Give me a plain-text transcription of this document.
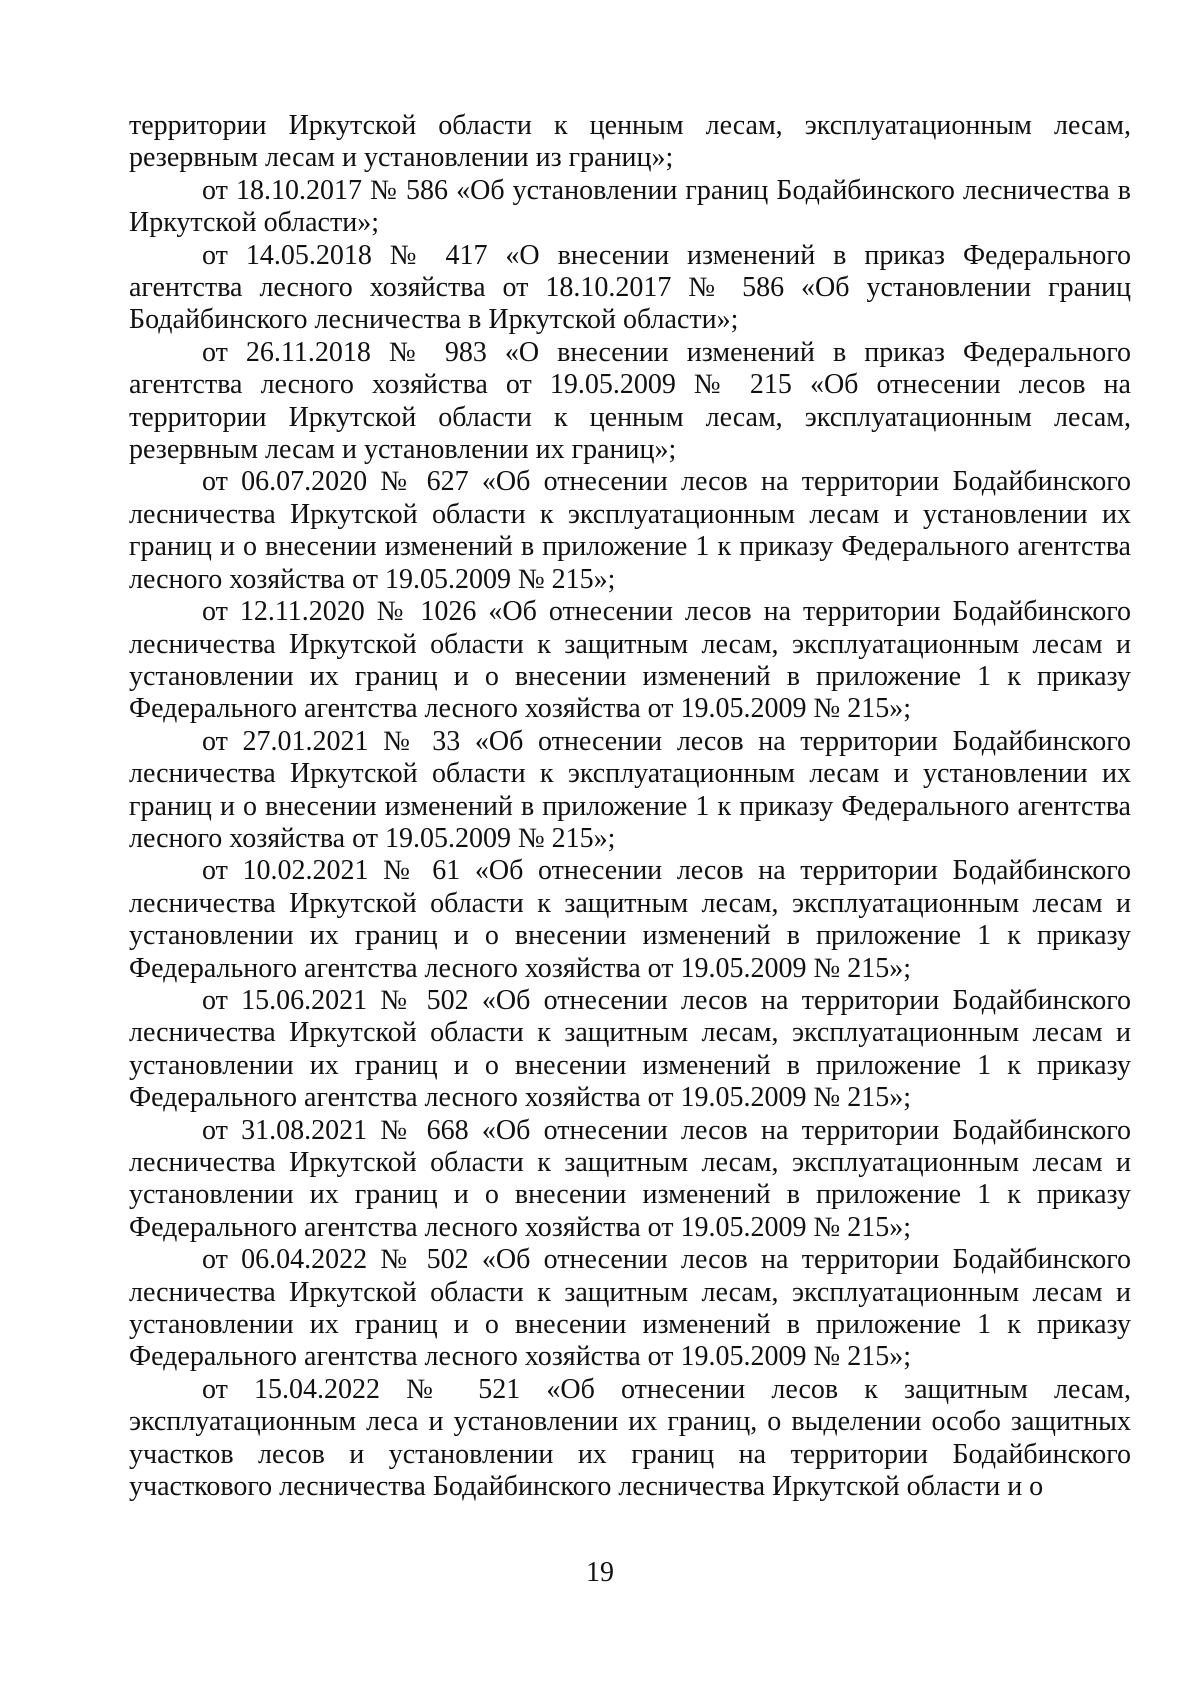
территории Иркутской области к ценным лесам, эксплуатационным лесам, резервным лесам и установлении из границ»;

от 18.10.2017 № 586 «Об установлении границ Бодайбинского лесничества в Иркутской области»;

от 14.05.2018 № 417 «О внесении изменений в приказ Федерального агентства лесного хозяйства от 18.10.2017 № 586 «Об установлении границ Бодайбинского лесничества в Иркутской области»;

от 26.11.2018 № 983 «О внесении изменений в приказ Федерального агентства лесного хозяйства от 19.05.2009 № 215 «Об отнесении лесов на территории Иркутской области к ценным лесам, эксплуатационным лесам, резервным лесам и установлении их границ»;

от 06.07.2020 № 627 «Об отнесении лесов на территории Бодайбинского лесничества Иркутской области к эксплуатационным лесам и установлении их границ и о внесении изменений в приложение 1 к приказу Федерального агентства лесного хозяйства от 19.05.2009 № 215»;

от 12.11.2020 № 1026 «Об отнесении лесов на территории Бодайбинского лесничества Иркутской области к защитным лесам, эксплуатационным лесам и установлении их границ и о внесении изменений в приложение 1 к приказу Федерального агентства лесного хозяйства от 19.05.2009 № 215»;

от 27.01.2021 № 33 «Об отнесении лесов на территории Бодайбинского лесничества Иркутской области к эксплуатационным лесам и установлении их границ и о внесении изменений в приложение 1 к приказу Федерального агентства лесного хозяйства от 19.05.2009 № 215»;

от 10.02.2021 № 61 «Об отнесении лесов на территории Бодайбинского лесничества Иркутской области к защитным лесам, эксплуатационным лесам и установлении их границ и о внесении изменений в приложение 1 к приказу Федерального агентства лесного хозяйства от 19.05.2009 № 215»;

от 15.06.2021 № 502 «Об отнесении лесов на территории Бодайбинского лесничества Иркутской области к защитным лесам, эксплуатационным лесам и установлении их границ и о внесении изменений в приложение 1 к приказу Федерального агентства лесного хозяйства от 19.05.2009 № 215»;

от 31.08.2021 № 668 «Об отнесении лесов на территории Бодайбинского лесничества Иркутской области к защитным лесам, эксплуатационным лесам и установлении их границ и о внесении изменений в приложение 1 к приказу Федерального агентства лесного хозяйства от 19.05.2009 № 215»;

от 06.04.2022 № 502 «Об отнесении лесов на территории Бодайбинского лесничества Иркутской области к защитным лесам, эксплуатационным лесам и установлении их границ и о внесении изменений в приложение 1 к приказу Федерального агентства лесного хозяйства от 19.05.2009 № 215»;

от 15.04.2022 № 521 «Об отнесении лесов к защитным лесам, эксплуатационным леса и установлении их границ, о выделении особо защитных участков лесов и установлении их границ на территории Бодайбинского участкового лесничества Бодайбинского лесничества Иркутской области и о

19
